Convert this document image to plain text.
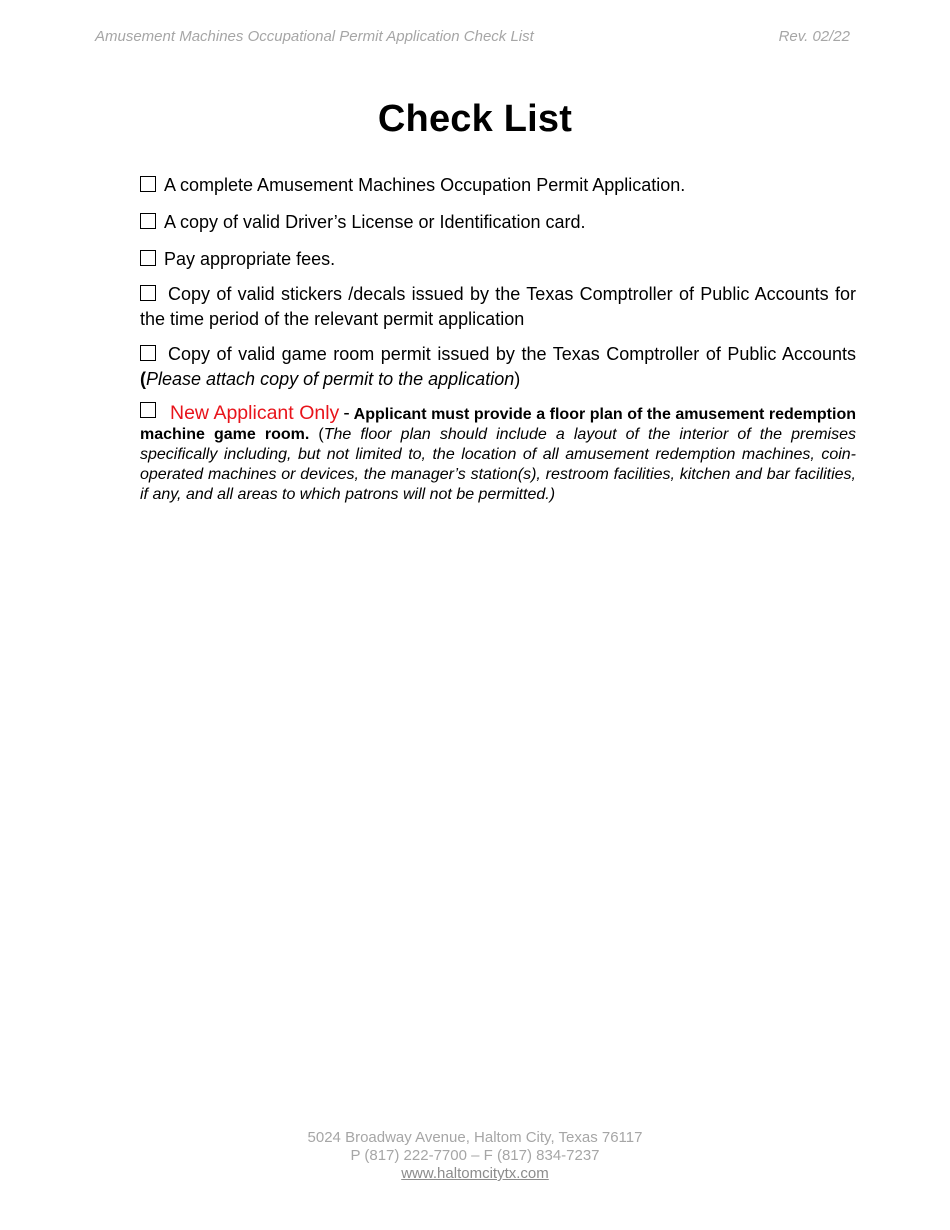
Amusement Machines Occupational Permit Application Check List	Rev. 02/22
Check List
A complete Amusement Machines Occupation Permit Application.
A copy of valid Driver’s License or Identification card.
Pay appropriate fees.
Copy of valid stickers /decals issued by the Texas Comptroller of Public Accounts for the time period of the relevant permit application
Copy of valid game room permit issued by the Texas Comptroller of Public Accounts (Please attach copy of permit to the application)
New Applicant Only - Applicant must provide a floor plan of the amusement redemption machine game room. (The floor plan should include a layout of the interior of the premises specifically including, but not limited to, the location of all amusement redemption machines, coin-operated machines or devices, the manager’s station(s), restroom facilities, kitchen and bar facilities, if any, and all areas to which patrons will not be permitted.)
5024 Broadway Avenue, Haltom City, Texas 76117
P (817) 222-7700 – F (817) 834-7237
www.haltomcitytx.com
